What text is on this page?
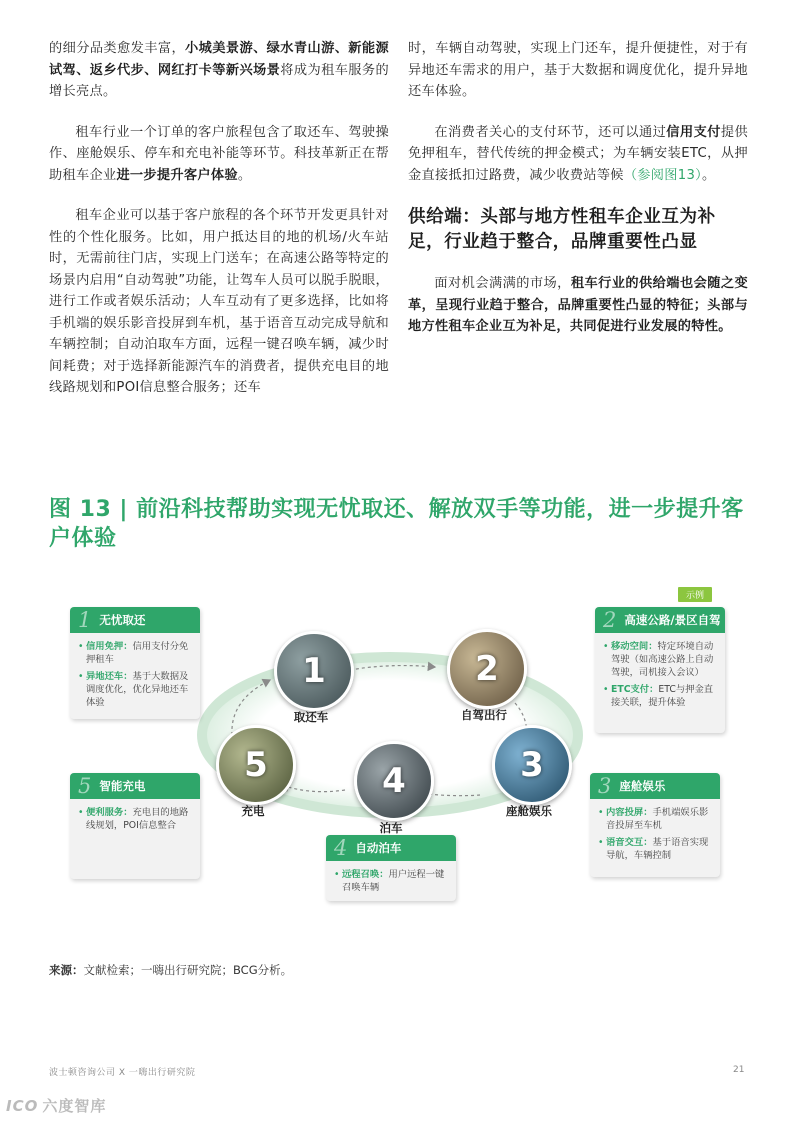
的细分品类愈发丰富，小城美景游、绿水青山游、新能源试驾、返乡代步、网红打卡等新兴场景将成为租车服务的增长亮点。

租车行业一个订单的客户旅程包含了取还车、驾驶操作、座舱娱乐、停车和充电补能等环节。科技革新正在帮助租车企业进一步提升客户体验。

租车企业可以基于客户旅程的各个环节开发更具针对性的个性化服务。比如，用户抵达目的地的机场/火车站时，无需前往门店，实现上门送车；在高速公路等特定的场景内启用“自动驾驶”功能，让驾车人员可以脱手脱眼，进行工作或者娱乐活动；人车互动有了更多选择，比如将手机端的娱乐影音投屏到车机，基于语音互动完成导航和车辆控制；自动泊取车方面，远程一键召唤车辆，减少时间耗费；对于选择新能源汽车的消费者，提供充电目的地线路规划和POI信息整合服务；还车

时，车辆自动驾驶，实现上门还车，提升便捷性，对于有异地还车需求的用户，基于大数据和调度优化，提升异地还车体验。

在消费者关心的支付环节，还可以通过信用支付提供免押租车，替代传统的押金模式；为车辆安装ETC，从押金直接抵扣过路费，减少收费站等候（参阅图13）。

供给端：头部与地方性租车企业互为补足，行业趋于整合，品牌重要性凸显

面对机会满满的市场，租车行业的供给端也会随之变革，呈现行业趋于整合，品牌重要性凸显的特征；头部与地方性租车企业互为补足，共同促进行业发展的特性。

图 13 | 前沿科技帮助实现无忧取还、解放双手等功能，进一步提升客户体验
示例
1
取还车
2
自驾出行
3
座舱娱乐
4
泊车
5
充电
1 无忧取还
• 信用免押：信用支付分免押租车
• 异地还车：基于大数据及调度优化，优化异地还车体验
2 高速公路/景区自驾
• 移动空间：特定环境自动驾驶（如高速公路上自动驾驶，司机接入会议）
• ETC支付：ETC与押金直接关联，提升体验
3 座舱娱乐
• 内容投屏：手机端娱乐影音投屏至车机
• 语音交互：基于语音实现导航，车辆控制
4 自动泊车
• 远程召唤：用户远程一键召唤车辆
5 智能充电
• 便利服务：充电目的地路线规划，POI信息整合
来源：文献检索；一嗨出行研究院；BCG分析。
波士顿咨询公司 X 一嗨出行研究院	21
ICO 六度智库
